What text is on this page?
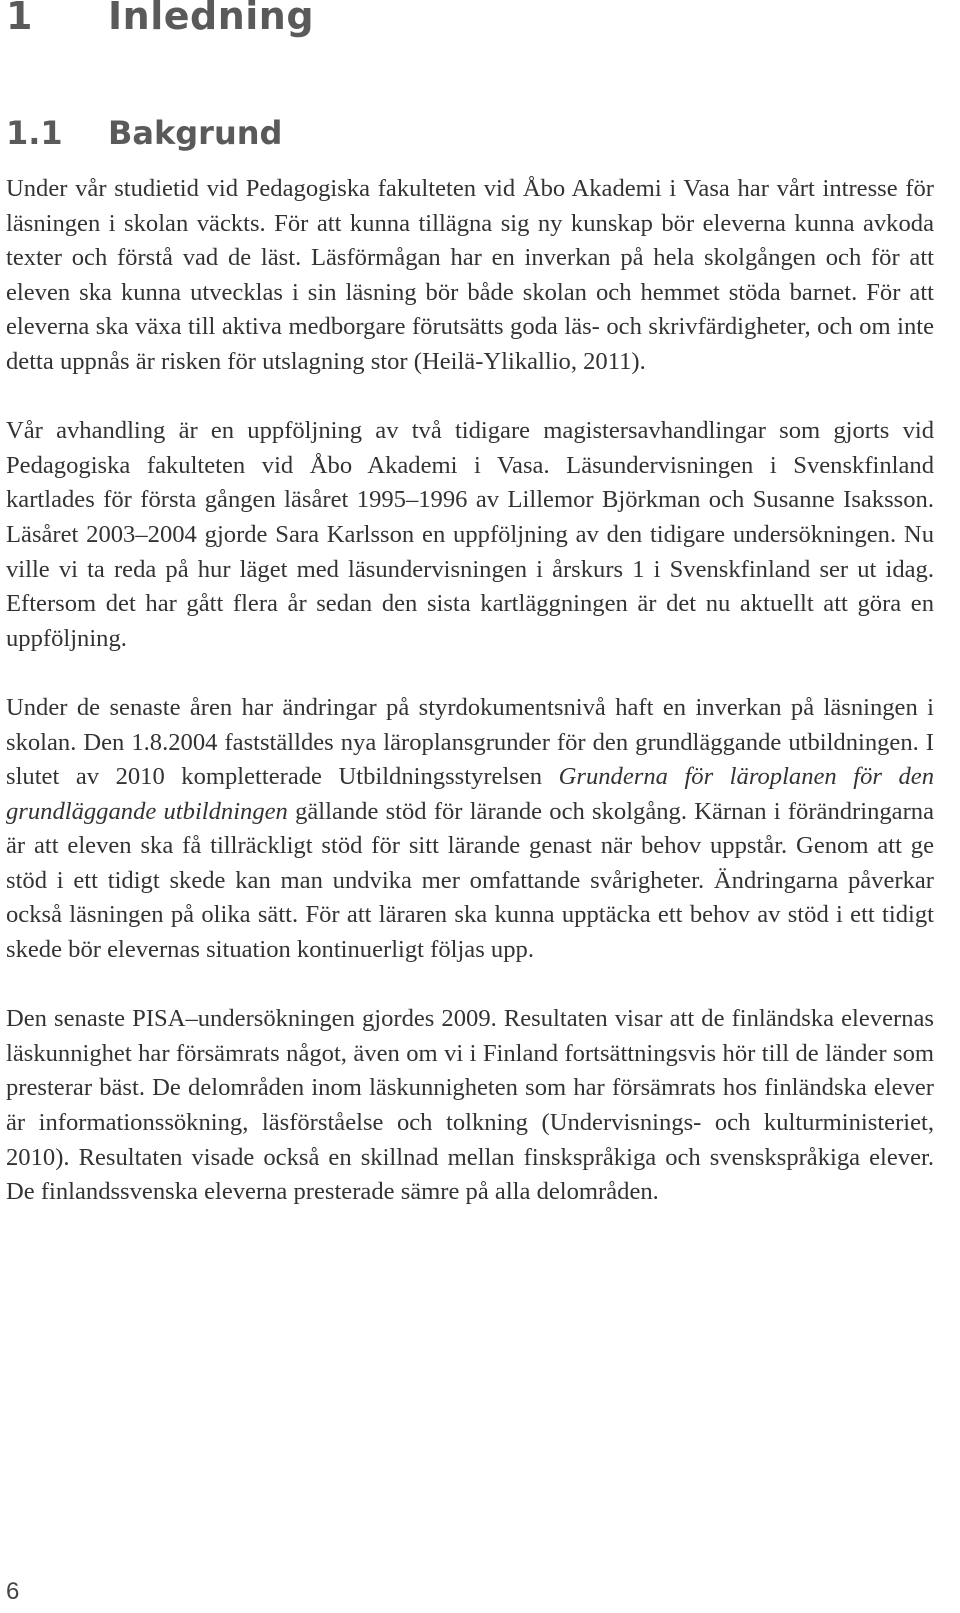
1 Inledning
1.1 Bakgrund

Under vår studietid vid Pedagogiska fakulteten vid Åbo Akademi i Vasa har vårt intresse för läsningen i skolan väckts. För att kunna tillägna sig ny kunskap bör eleverna kunna avkoda texter och förstå vad de läst. Läsförmågan har en inverkan på hela skolgången och för att eleven ska kunna utvecklas i sin läsning bör både skolan och hemmet stöda barnet. För att eleverna ska växa till aktiva medborgare förutsätts goda läs- och skrivfärdigheter, och om inte detta uppnås är risken för utslagning stor (Heilä-Ylikallio, 2011).

Vår avhandling är en uppföljning av två tidigare magistersavhandlingar som gjorts vid Pedagogiska fakulteten vid Åbo Akademi i Vasa. Läsundervisningen i Svenskfinland kartlades för första gången läsåret 1995–1996 av Lillemor Björkman och Susanne Isaksson. Läsåret 2003–2004 gjorde Sara Karlsson en uppföljning av den tidigare undersökningen. Nu ville vi ta reda på hur läget med läsundervisningen i årskurs 1 i Svenskfinland ser ut idag. Eftersom det har gått flera år sedan den sista kartläggningen är det nu aktuellt att göra en uppföljning.

Under de senaste åren har ändringar på styrdokumentsnivå haft en inverkan på läsningen i skolan. Den 1.8.2004 fastställdes nya läroplansgrunder för den grundläggande utbildningen. I slutet av 2010 kompletterade Utbildningsstyrelsen Grunderna för läroplanen för den grundläggande utbildningen gällande stöd för lärande och skolgång. Kärnan i förändringarna är att eleven ska få tillräckligt stöd för sitt lärande genast när behov uppstår. Genom att ge stöd i ett tidigt skede kan man undvika mer omfattande svårigheter. Ändringarna påverkar också läsningen på olika sätt. För att läraren ska kunna upptäcka ett behov av stöd i ett tidigt skede bör elevernas situation kontinuerligt följas upp.

Den senaste PISA–undersökningen gjordes 2009. Resultaten visar att de finländska elevernas läskunnighet har försämrats något, även om vi i Finland fortsättningsvis hör till de länder som presterar bäst. De delområden inom läskunnigheten som har försämrats hos finländska elever är informationssökning, läsförståelse och tolkning (Undervisnings- och kulturministeriet, 2010). Resultaten visade också en skillnad mellan finskspråkiga och svenskspråkiga elever. De finlandssvenska eleverna presterade sämre på alla delområden.

6
